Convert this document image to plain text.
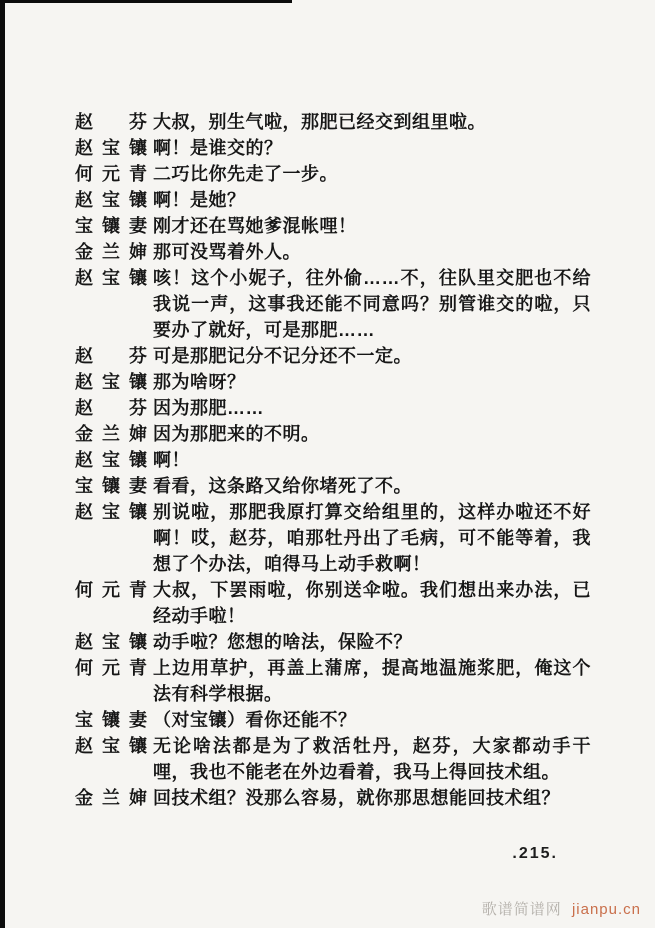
赵芬 大叔，别生气啦，那肥已经交到组里啦。
赵宝镶 啊！是谁交的？
何元青 二巧比你先走了一步。
赵宝镶 啊！是她？
宝镶妻 刚才还在骂她爹混帐哩！
金兰婶 那可没骂着外人。
赵宝镶 咳！这个小妮子，往外偷……不，往队里交肥也不给我说一声，这事我还能不同意吗？别管谁交的啦，只要办了就好，可是那肥……
赵芬 可是那肥记分不记分还不一定。
赵宝镶 那为啥呀？
赵芬 因为那肥……
金兰婶 因为那肥来的不明。
赵宝镶 啊！
宝镶妻 看看，这条路又给你堵死了不。
赵宝镶 别说啦，那肥我原打算交给组里的，这样办啦还不好啊！哎，赵芬，咱那牡丹出了毛病，可不能等着，我想了个办法，咱得马上动手救啊！
何元青 大叔，下罢雨啦，你别送伞啦。我们想出来办法，已经动手啦！
赵宝镶 动手啦？您想的啥法，保险不？
何元青 上边用草护，再盖上蒲席，提高地温施浆肥，俺这个法有科学根据。
宝镶妻 （对宝镶）看你还能不？
赵宝镶 无论啥法都是为了救活牡丹，赵芬，大家都动手干哩，我也不能老在外边看着，我马上得回技术组。
金兰婶 回技术组？没那么容易，就你那思想能回技术组？
.215.
歌谱简谱网 jianpu.cn
